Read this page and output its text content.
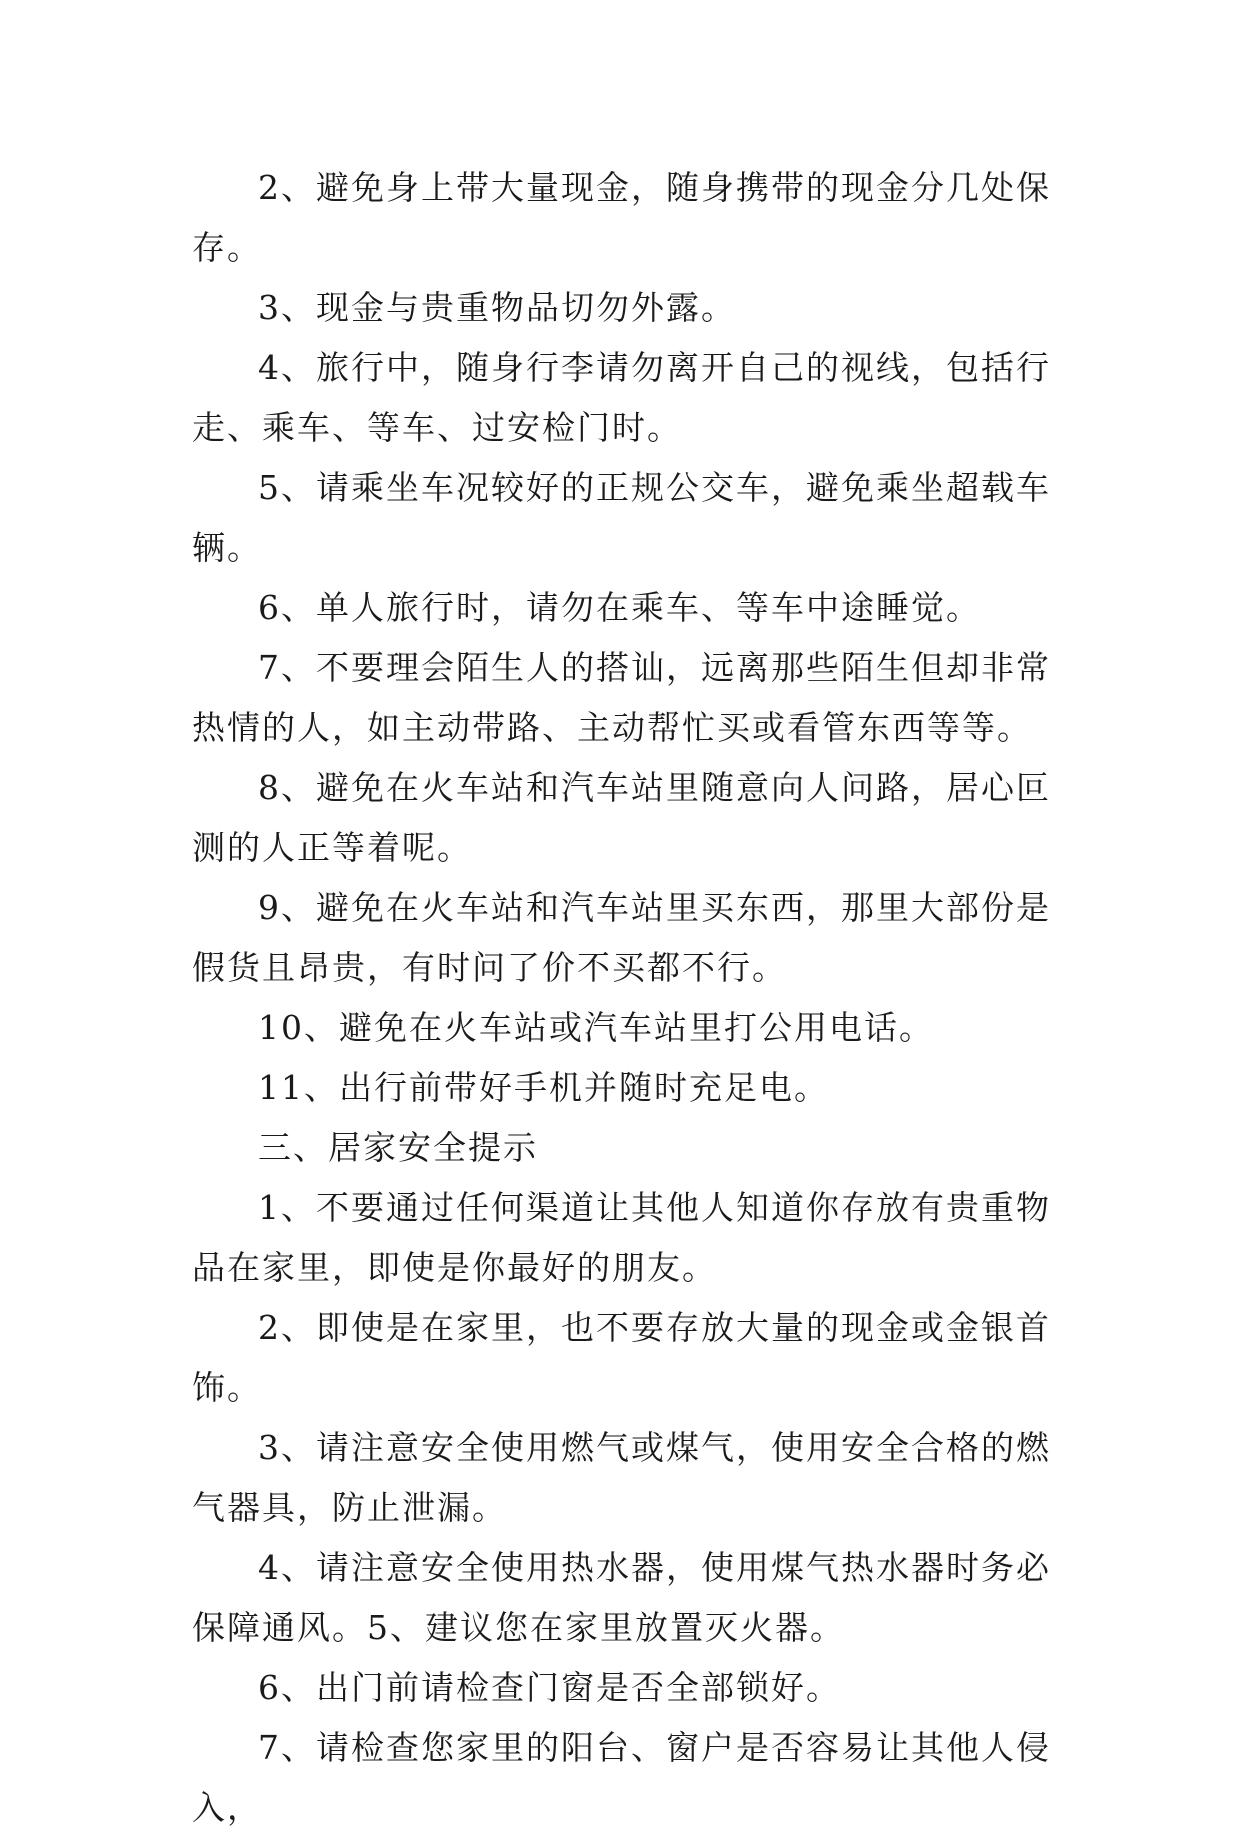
2、避免身上带大量现金，随身携带的现金分几处保存。

3、现金与贵重物品切勿外露。

4、旅行中，随身行李请勿离开自己的视线，包括行走、乘车、等车、过安检门时。

5、请乘坐车况较好的正规公交车，避免乘坐超载车辆。

6、单人旅行时，请勿在乘车、等车中途睡觉。

7、不要理会陌生人的搭讪，远离那些陌生但却非常热情的人，如主动带路、主动帮忙买或看管东西等等。

8、避免在火车站和汽车站里随意向人问路，居心叵测的人正等着呢。

9、避免在火车站和汽车站里买东西，那里大部份是假货且昂贵，有时问了价不买都不行。

10、避免在火车站或汽车站里打公用电话。

11、出行前带好手机并随时充足电。

三、居家安全提示

1、不要通过任何渠道让其他人知道你存放有贵重物品在家里，即使是你最好的朋友。

2、即使是在家里，也不要存放大量的现金或金银首饰。

3、请注意安全使用燃气或煤气，使用安全合格的燃气器具，防止泄漏。

4、请注意安全使用热水器，使用煤气热水器时务必保障通风。5、建议您在家里放置灭火器。

6、出门前请检查门窗是否全部锁好。

7、请检查您家里的阳台、窗户是否容易让其他人侵入，
